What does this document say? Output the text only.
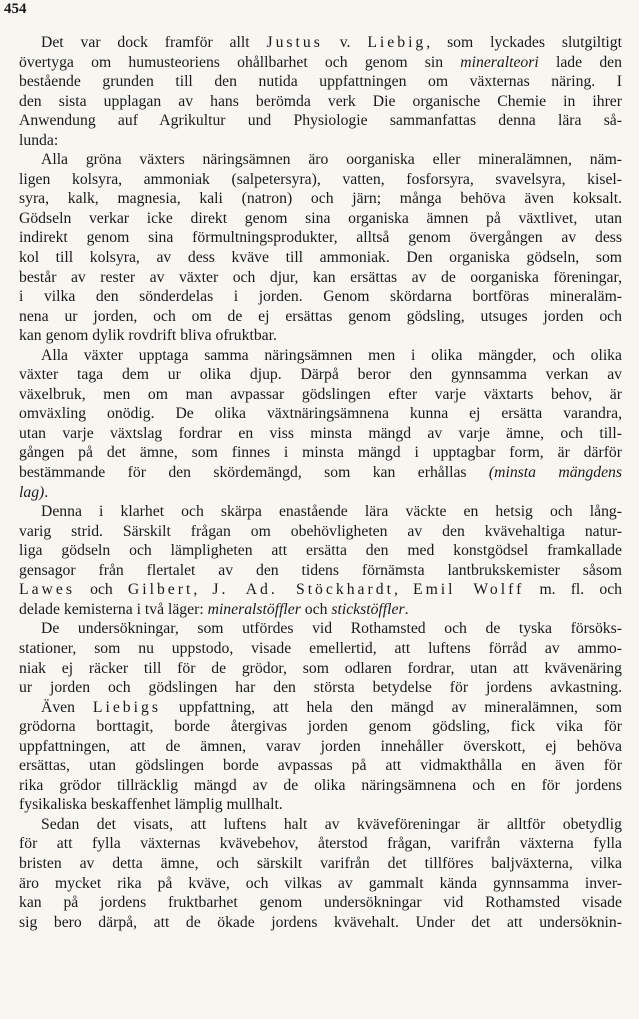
454
Det var dock framför allt Justus v. Liebig, som lyckades slutgiltigt
övertyga om humusteoriens ohållbarhet och genom sin mineralteori lade den
bestående grunden till den nutida uppfattningen om växternas näring. I
den sista upplagan av hans berömda verk Die organische Chemie in ihrer
Anwendung auf Agrikultur und Physiologie sammanfattas denna lära så-
lunda:
Alla gröna växters näringsämnen äro oorganiska eller mineralämnen, näm-
ligen kolsyra, ammoniak (salpetersyra), vatten, fosforsyra, svavelsyra, kisel-
syra, kalk, magnesia, kali (natron) och järn; många behöva även koksalt.
Gödseln verkar icke direkt genom sina organiska ämnen på växtlivet, utan
indirekt genom sina förmultningsprodukter, alltså genom övergången av dess
kol till kolsyra, av dess kväve till ammoniak. Den organiska gödseln, som
består av rester av växter och djur, kan ersättas av de oorganiska föreningar,
i vilka den sönderdelas i jorden. Genom skördarna bortföras mineraläm-
nena ur jorden, och om de ej ersättas genom gödsling, utsuges jorden och
kan genom dylik rovdrift bliva ofruktbar.
Alla växter upptaga samma näringsämnen men i olika mängder, och olika
växter taga dem ur olika djup. Därpå beror den gynnsamma verkan av
växelbruk, men om man avpassar gödslingen efter varje växtarts behov, är
omväxling onödig. De olika växtnäringsämnena kunna ej ersätta varandra,
utan varje växtslag fordrar en viss minsta mängd av varje ämne, och till-
gången på det ämne, som finnes i minsta mängd i upptagbar form, är därför
bestämmande för den skördemängd, som kan erhållas (minsta mängdens
lag).
Denna i klarhet och skärpa enastående lära väckte en hetsig och lång-
varig strid. Särskilt frågan om obehövligheten av den kvävehaltiga natur-
liga gödseln och lämpligheten att ersätta den med konstgödsel framkallade
gensagor från flertalet av den tidens förnämsta lantbrukskemister såsom
Lawes och Gilbert, J. Ad. Stöckhardt, Emil Wolff m. fl. och
delade kemisterna i två läger: mineralstöffler och stickstöffler.
De undersökningar, som utfördes vid Rothamsted och de tyska försöks-
stationer, som nu uppstodo, visade emellertid, att luftens förråd av ammo-
niak ej räcker till för de grödor, som odlaren fordrar, utan att kvävenäring
ur jorden och gödslingen har den största betydelse för jordens avkastning.
Även Liebigs uppfattning, att hela den mängd av mineralämnen, som
grödorna borttagit, borde återgivas jorden genom gödsling, fick vika för
uppfattningen, att de ämnen, varav jorden innehåller överskott, ej behöva
ersättas, utan gödslingen borde avpassas på att vidmakthålla en även för
rika grödor tillräcklig mängd av de olika näringsämnena och en för jordens
fysikaliska beskaffenhet lämplig mullhalt.
Sedan det visats, att luftens halt av kväveföreningar är alltför obetydlig
för att fylla växternas kvävebehov, återstod frågan, varifrån växterna fylla
bristen av detta ämne, och särskilt varifrån det tillföres baljväxterna, vilka
äro mycket rika på kväve, och vilkas av gammalt kända gynnsamma inver-
kan på jordens fruktbarhet genom undersökningar vid Rothamsted visade
sig bero därpå, att de ökade jordens kvävehalt. Under det att undersöknin-
